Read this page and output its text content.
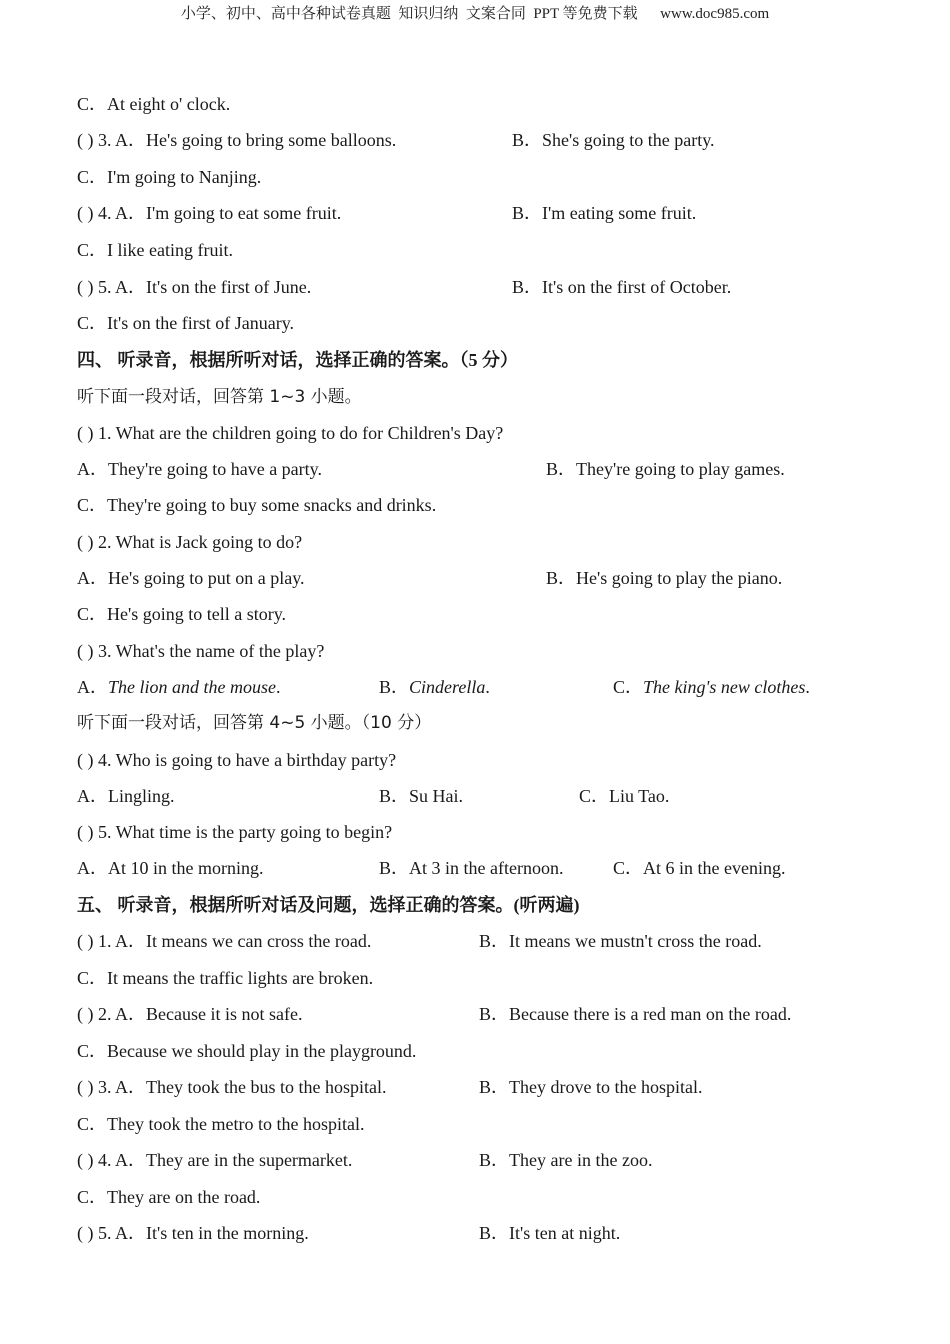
小学、初中、高中各种试卷真题  知识归纳  文案合同  PPT 等免费下载      www.doc985.com
C．At eight o' clock.
( ) 3. A．He's going to bring some balloons.	B．She's going to the party.
C．I'm going to Nanjing.
( ) 4. A．I'm going to eat some fruit.	B．I'm eating some fruit.
C．I like eating fruit.
( ) 5. A．It's on the first of June.	B．It's on the first of October.
C．It's on the first of January.
四、 听录音，根据所听对话，选择正确的答案。（5 分）
听下面一段对话，回答第 1~3 小题。
( ) 1. What are the children going to do for Children's Day?
A．They're going to have a party.	B．They're going to play games.
C．They're going to buy some snacks and drinks.
( ) 2. What is Jack going to do?
A．He's going to put on a play.	B．He's going to play the piano.
C．He's going to tell a story.
( ) 3. What's the name of the play?
A．The lion and the mouse.	B．Cinderella.	C．The king's new clothes.
听下面一段对话，回答第 4~5 小题。（10 分）
( ) 4. Who is going to have a birthday party?
A．Lingling.	B．Su Hai.	C．Liu Tao.
( ) 5. What time is the party going to begin?
A．At 10 in the morning.	B．At 3 in the afternoon.	C．At 6 in the evening.
五、 听录音，根据所听对话及问题，选择正确的答案。(听两遍)
( ) 1. A．It means we can cross the road.	B．It means we mustn't cross the road.
C．It means the traffic lights are broken.
( ) 2. A．Because it is not safe.	B．Because there is a red man on the road.
C．Because we should play in the playground.
( ) 3. A．They took the bus to the hospital.	B．They drove to the hospital.
C．They took the metro to the hospital.
( ) 4. A．They are in the supermarket.	B．They are in the zoo.
C．They are on the road.
( ) 5. A．It's ten in the morning.	B．It's ten at night.
